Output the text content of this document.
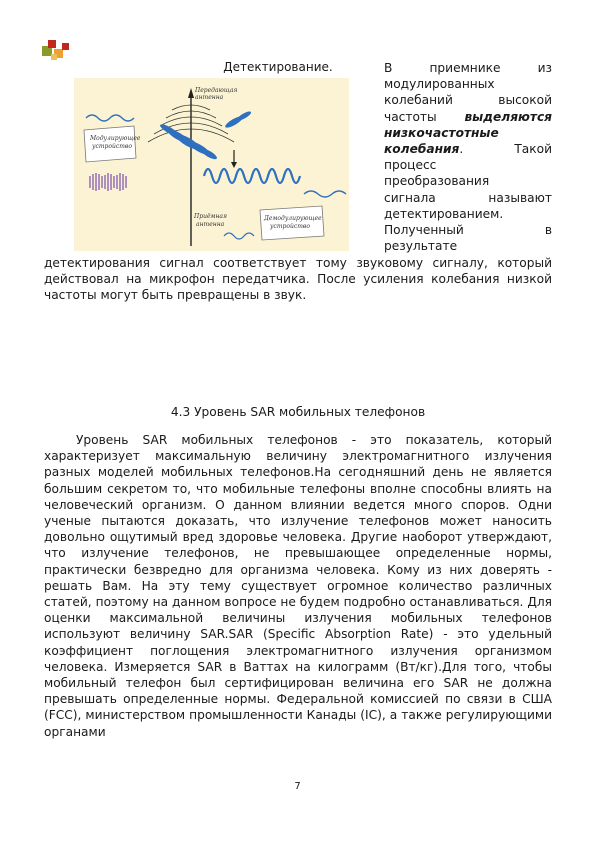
Детектирование.
Передающая
антенна
Модулирующее
устройство
Приёмная
антенна
Демодулирующее
устройство
В приемнике из
модулированных
колебаний высокой
частоты выделяются
низкочастотные
колебания. Такой
процесс
преобразования
сигнала называют
детектированием.
Полученный в
результате
детектирования сигнал соответствует тому звуковому сигналу, который действовал на микрофон передатчика. После усиления колебания низкой частоты могут быть превращены в звук.
4.3 Уровень SAR мобильных телефонов
Уровень SAR мобильных телефонов - это показатель, который характеризует максимальную величину электромагнитного излучения разных моделей мобильных телефонов.На сегодняшний день не является большим секретом то, что мобильные телефоны вполне способны влиять на человеческий организм. О данном влиянии ведется много споров. Одни ученые пытаются доказать, что излучение телефонов может наносить довольно ощутимый вред здоровье человека. Другие наоборот утверждают, что излучение телефонов, не превышающее определенные нормы, практически безвредно для организма человека. Кому из них доверять - решать Вам. На эту тему существует огромное количество различных статей, поэтому на данном вопросе не будем подробно останавливаться. Для оценки максимальной величины излучения мобильных телефонов используют величину SAR.SAR (Specific Absorption Rate) - это удельный коэффициент поглощения электромагнитного излучения организмом человека. Измеряется SAR в Ваттах на килограмм (Вт/кг).Для того, чтобы мобильный телефон был сертифицирован величина его SAR не должна превышать определенные нормы. Федеральной комиссией по связи в США (FCC), министерством промышленности Канады (IC), а также регулирующими органами
7
